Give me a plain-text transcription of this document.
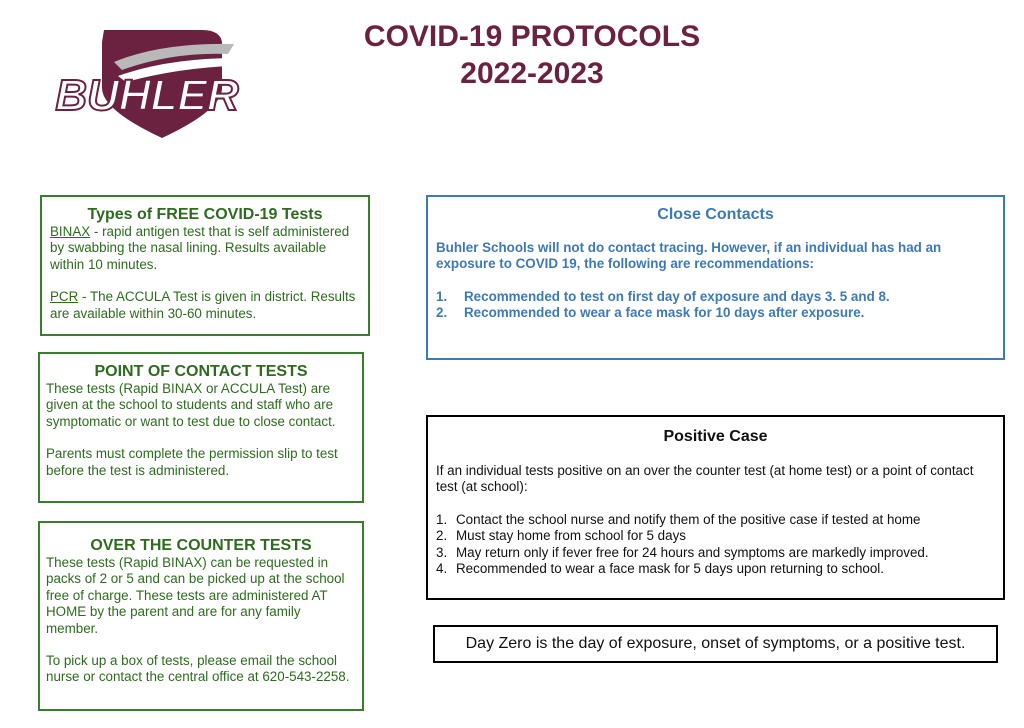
BUHLER
COVID-19 PROTOCOLS
2022-2023
Types of FREE COVID-19 Tests

BINAX - rapid antigen test that is self administered by swabbing the nasal lining. Results available within 10 minutes.

PCR - The ACCULA Test is given in district. Results are available within 30-60 minutes.

POINT OF CONTACT TESTS

These tests (Rapid BINAX or ACCULA Test) are given at the school to students and staff who are symptomatic or want to test due to close contact.

Parents must complete the permission slip to test before the test is administered.

OVER THE COUNTER TESTS

These tests (Rapid BINAX) can be requested in packs of 2 or 5 and can be picked up at the school free of charge. These tests are administered AT HOME by the parent and are for any family member.

To pick up a box of tests, please email the school nurse or contact the central office at 620-543-2258.

Close Contacts

Buhler Schools will not do contact tracing. However, if an individual has had an exposure to COVID 19, the following are recommendations:

1.	Recommended to test on first day of exposure and days 3. 5 and 8.
2.	Recommended to wear a face mask for 10 days after exposure.
Positive Case

If an individual tests positive on an over the counter test (at home test) or a point of contact test (at school):

1. Contact the school nurse and notify them of the positive case if tested at home
2. Must stay home from school for 5 days
3. May return only if fever free for 24 hours and symptoms are markedly improved.
4. Recommended to wear a face mask for 5 days upon returning to school.
Day Zero is the day of exposure, onset of symptoms, or a positive test.
